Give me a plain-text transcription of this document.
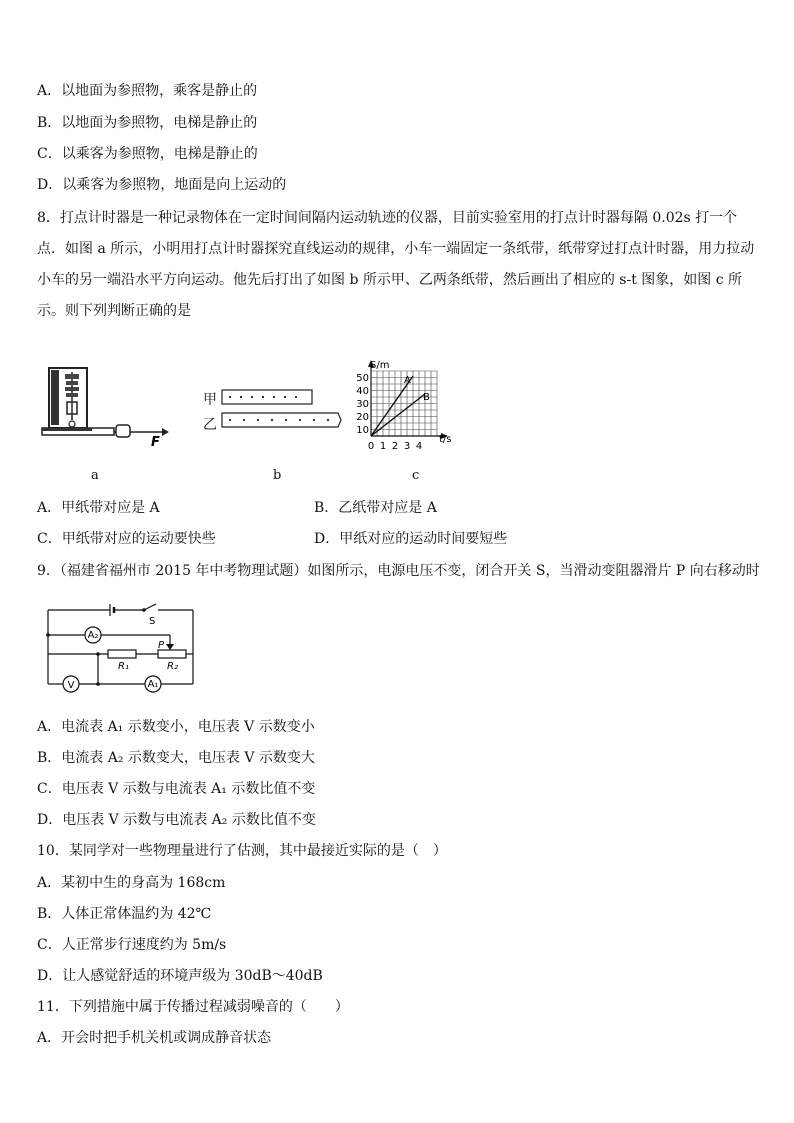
A．以地面为参照物，乘客是静止的
B．以地面为参照物，电梯是静止的
C．以乘客为参照物，电梯是静止的
D．以乘客为参照物，地面是向上运动的
8．打点计时器是一种记录物体在一定时间间隔内运动轨迹的仪器，目前实验室用的打点计时器每隔 0.02s 打一个点．如图 a 所示，小明用打点计时器探究直线运动的规律，小车一端固定一条纸带，纸带穿过打点计时器，用力拉动小车的另一端沿水平方向运动。他先后打出了如图 b 所示甲、乙两条纸带，然后画出了相应的 s-t 图象，如图 c 所示。则下列判断正确的是
F
a
甲
乙
b
A
B
S/m
t/s
50
40
30
20
10
0 1 2 3 4
c
A．甲纸带对应是 A	B．乙纸带对应是 A
C．甲纸带对应的运动要快些	D．甲纸对应的运动时间要短些
9．（福建省福州市 2015 年中考物理试题）如图所示，电源电压不变，闭合开关 S，当滑动变阻器滑片 P 向右移动时
S
A₂
A₁
V
P
R₁	R₂
A．电流表 A₁ 示数变小，电压表 V 示数变小
B．电流表 A₂ 示数变大，电压表 V 示数变大
C．电压表 V 示数与电流表 A₁ 示数比值不变
D．电压表 V 示数与电流表 A₂ 示数比值不变
10．某同学对一些物理量进行了估测，其中最接近实际的是（　）
A．某初中生的身高为 168cm
B．人体正常体温约为 42℃
C．人正常步行速度约为 5m/s
D．让人感觉舒适的环境声级为 30dB～40dB
11．下列措施中属于传播过程减弱噪音的（　　）
A．开会时把手机关机或调成静音状态
